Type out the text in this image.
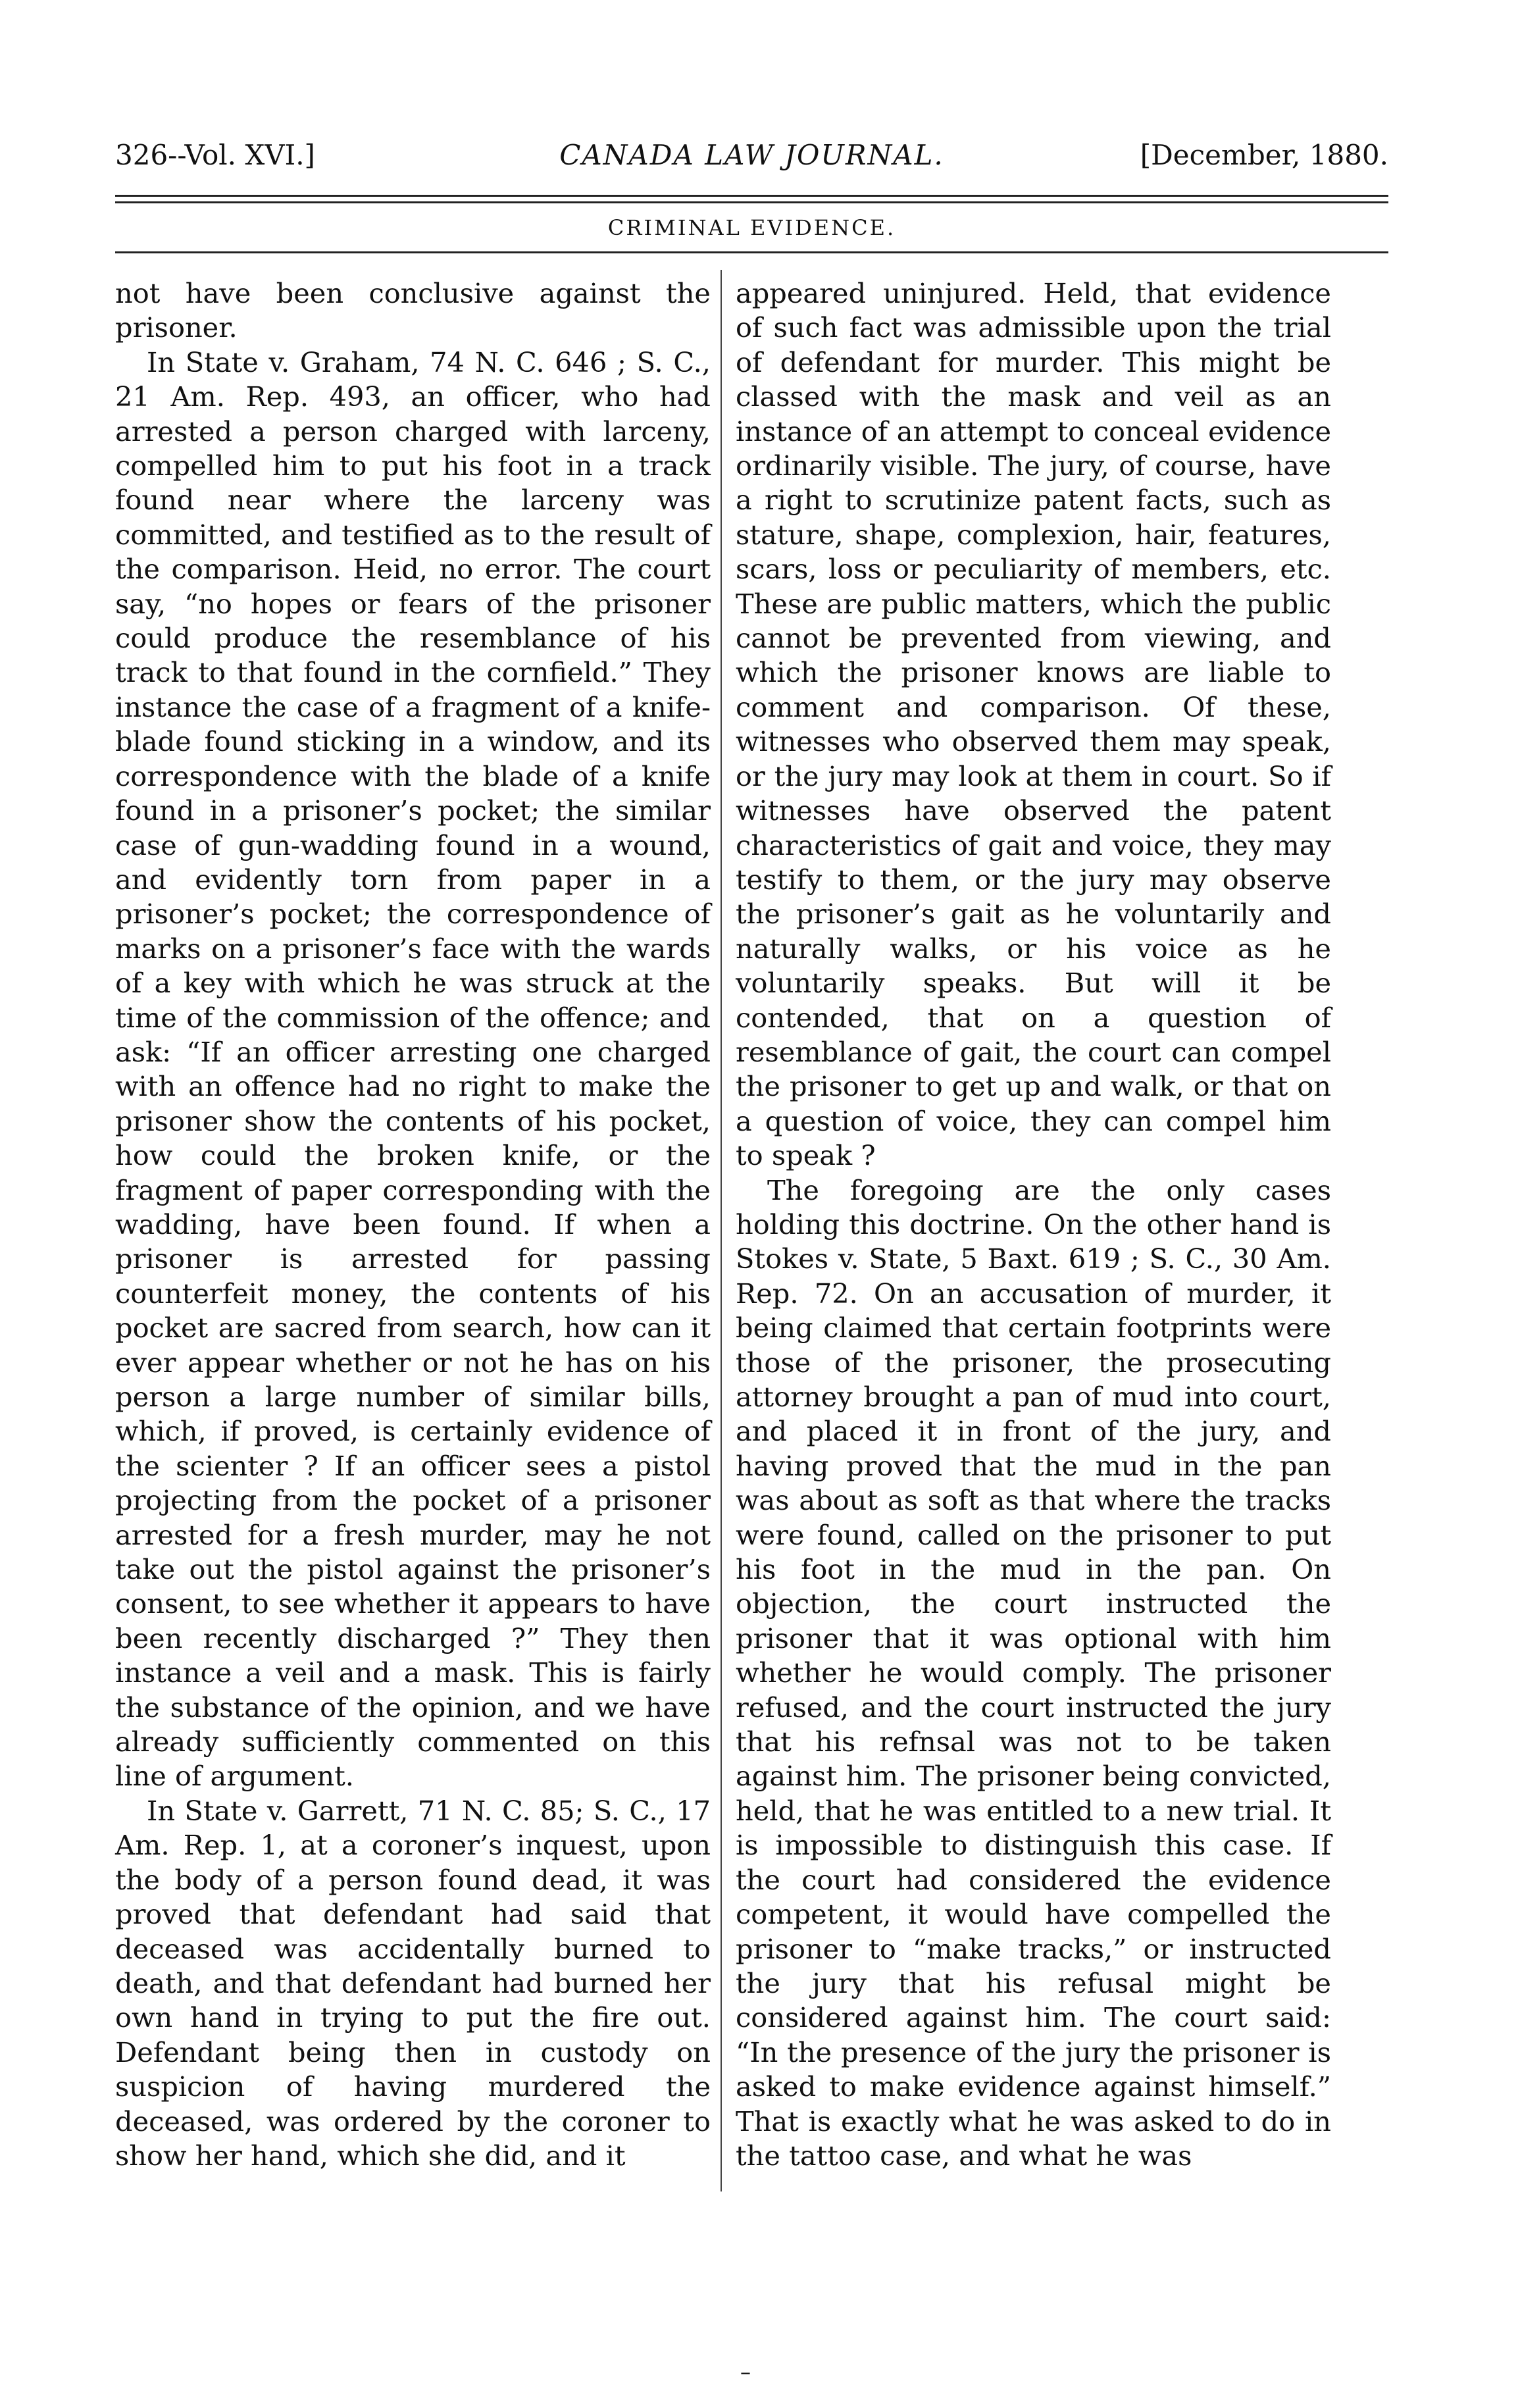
326--Vol. XVI.]	CANADA LAW JOURNAL.	[December, 1880.
CRIMINAL EVIDENCE.

not have been conclusive against the prisoner.

In State v. Graham, 74 N. C. 646 ; S. C., 21 Am. Rep. 493, an officer, who had arrested a person charged with larceny, compelled him to put his foot in a track found near where the larceny was committed, and testified as to the result of the comparison. Heid, no error. The court say, “no hopes or fears of the prisoner could produce the resemblance of his track to that found in the cornfield.” They instance the case of a fragment of a knife-blade found sticking in a window, and its correspondence with the blade of a knife found in a prisoner’s pocket; the similar case of gun-wadding found in a wound, and evidently torn from paper in a prisoner’s pocket; the correspondence of marks on a prisoner’s face with the wards of a key with which he was struck at the time of the commission of the offence; and ask: “If an officer arresting one charged with an offence had no right to make the prisoner show the contents of his pocket, how could the broken knife, or the fragment of paper corresponding with the wadding, have been found. If when a prisoner is arrested for passing counterfeit money, the contents of his pocket are sacred from search, how can it ever appear whether or not he has on his person a large number of similar bills, which, if proved, is certainly evidence of the scienter ? If an officer sees a pistol projecting from the pocket of a prisoner arrested for a fresh murder, may he not take out the pistol against the prisoner’s consent, to see whether it appears to have been recently discharged ?” They then instance a veil and a mask. This is fairly the substance of the opinion, and we have already sufficiently commented on this line of argument.

In State v. Garrett, 71 N. C. 85; S. C., 17 Am. Rep. 1, at a coroner’s inquest, upon the body of a person found dead, it was proved that defendant had said that deceased was accidentally burned to death, and that defendant had burned her own hand in trying to put the fire out. Defendant being then in custody on suspicion of having murdered the deceased, was ordered by the coroner to show her hand, which she did, and it

appeared uninjured. Held, that evidence of such fact was admissible upon the trial of defendant for murder. This might be classed with the mask and veil as an instance of an attempt to conceal evidence ordinarily visible. The jury, of course, have a right to scrutinize patent facts, such as stature, shape, complexion, hair, features, scars, loss or peculiarity of members, etc. These are public matters, which the public cannot be prevented from viewing, and which the prisoner knows are liable to comment and comparison. Of these, witnesses who observed them may speak, or the jury may look at them in court. So if witnesses have observed the patent characteristics of gait and voice, they may testify to them, or the jury may observe the prisoner’s gait as he voluntarily and naturally walks, or his voice as he voluntarily speaks. But will it be contended, that on a question of resemblance of gait, the court can compel the prisoner to get up and walk, or that on a question of voice, they can compel him to speak ?

The foregoing are the only cases holding this doctrine. On the other hand is Stokes v. State, 5 Baxt. 619 ; S. C., 30 Am. Rep. 72. On an accusation of murder, it being claimed that certain footprints were those of the prisoner, the prosecuting attorney brought a pan of mud into court, and placed it in front of the jury, and having proved that the mud in the pan was about as soft as that where the tracks were found, called on the prisoner to put his foot in the mud in the pan. On objection, the court instructed the prisoner that it was optional with him whether he would comply. The prisoner refused, and the court instructed the jury that his refnsal was not to be taken against him. The prisoner being convicted, held, that he was entitled to a new trial. It is impossible to distinguish this case. If the court had considered the evidence competent, it would have compelled the prisoner to “make tracks,” or instructed the jury that his refusal might be considered against him. The court said: “In the presence of the jury the prisoner is asked to make evidence against himself.” That is exactly what he was asked to do in the tattoo case, and what he was

–
